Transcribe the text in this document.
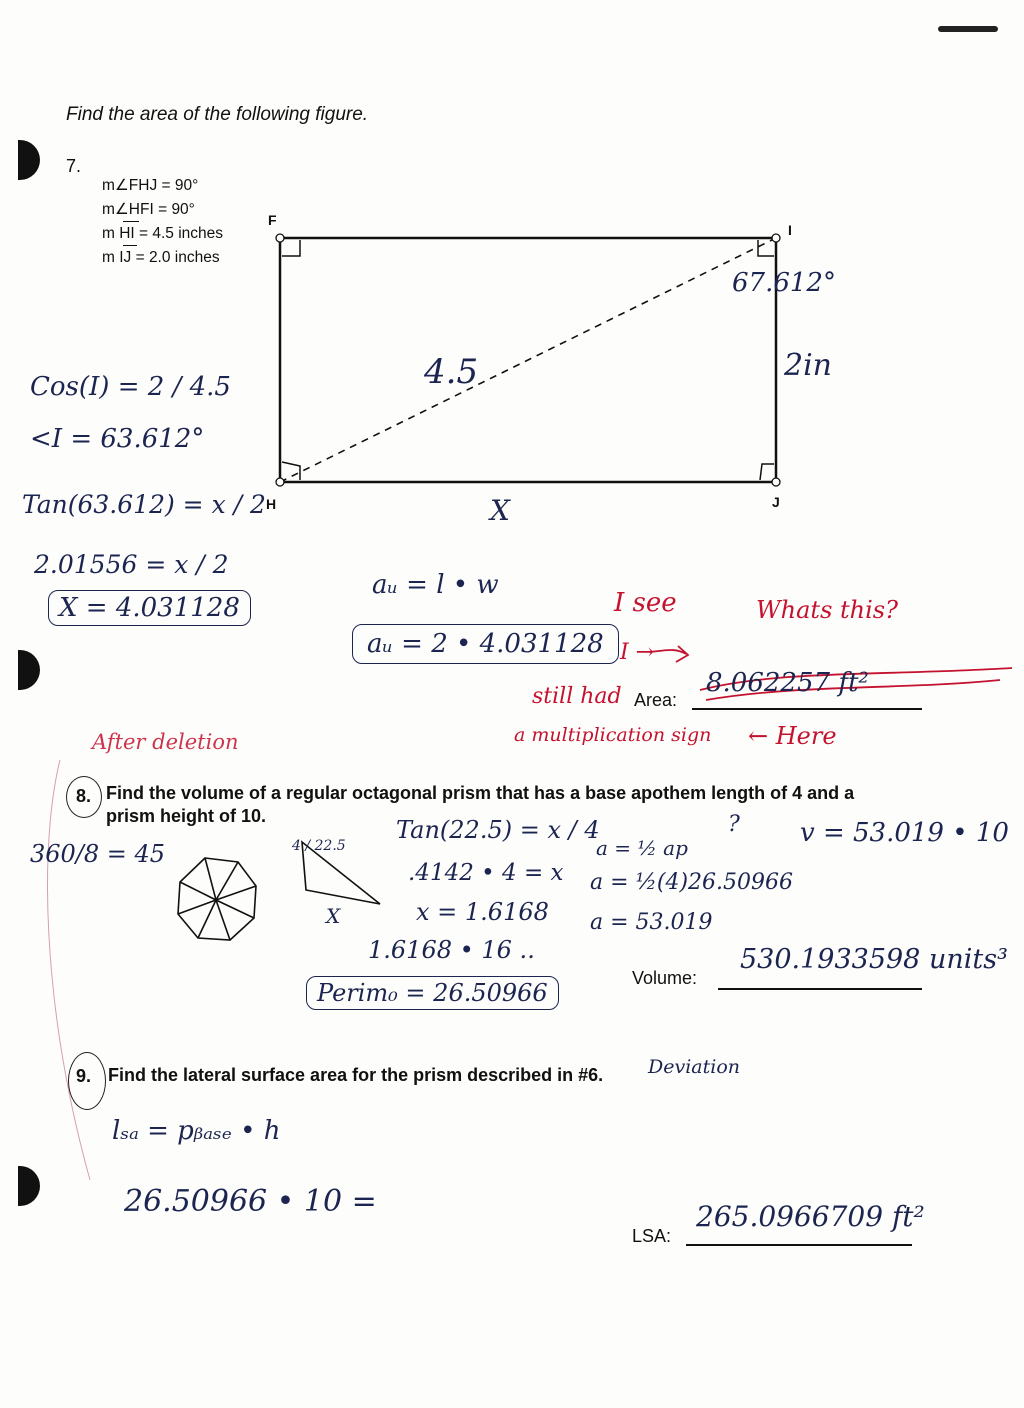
Find the area of the following figure.
7.
m∠FHJ = 90°
m∠HFI = 90°
m HI = 4.5 inches
m IJ = 2.0 inches
F
I
H	J
4.5
67.612°
2in
X
Cos(I) = 2 / 4.5
<I = 63.612°
Tan(63.612) = x / 2
2.01556 = x / 2
X = 4.031128
aᵤ = l • w
aᵤ = 2 • 4.031128
I see
I →
Whats this?
still had
a multiplication sign ← Here
After deletion
Area:
8.062257 ft²
8. Find the volume of a regular octagonal prism that has a base apothem length of 4 and a
prism height of 10.
360/8 = 45	4 / 22.5
X
Tan(22.5) = x / 4
.4142 • 4 = x
x = 1.6168
1.6168 • 16 ..
Perim₀ = 26.50966
a = ½ ap
a = ½(4)26.50966
a = 53.019
? v = 53.019 • 10
Volume:
530.1933598 units³
9. Find the lateral surface area for the prism described in #6. Deviation
lₛₐ = pᵦₐₛₑ • h
26.50966 • 10 =
LSA:
265.0966709 ft²
